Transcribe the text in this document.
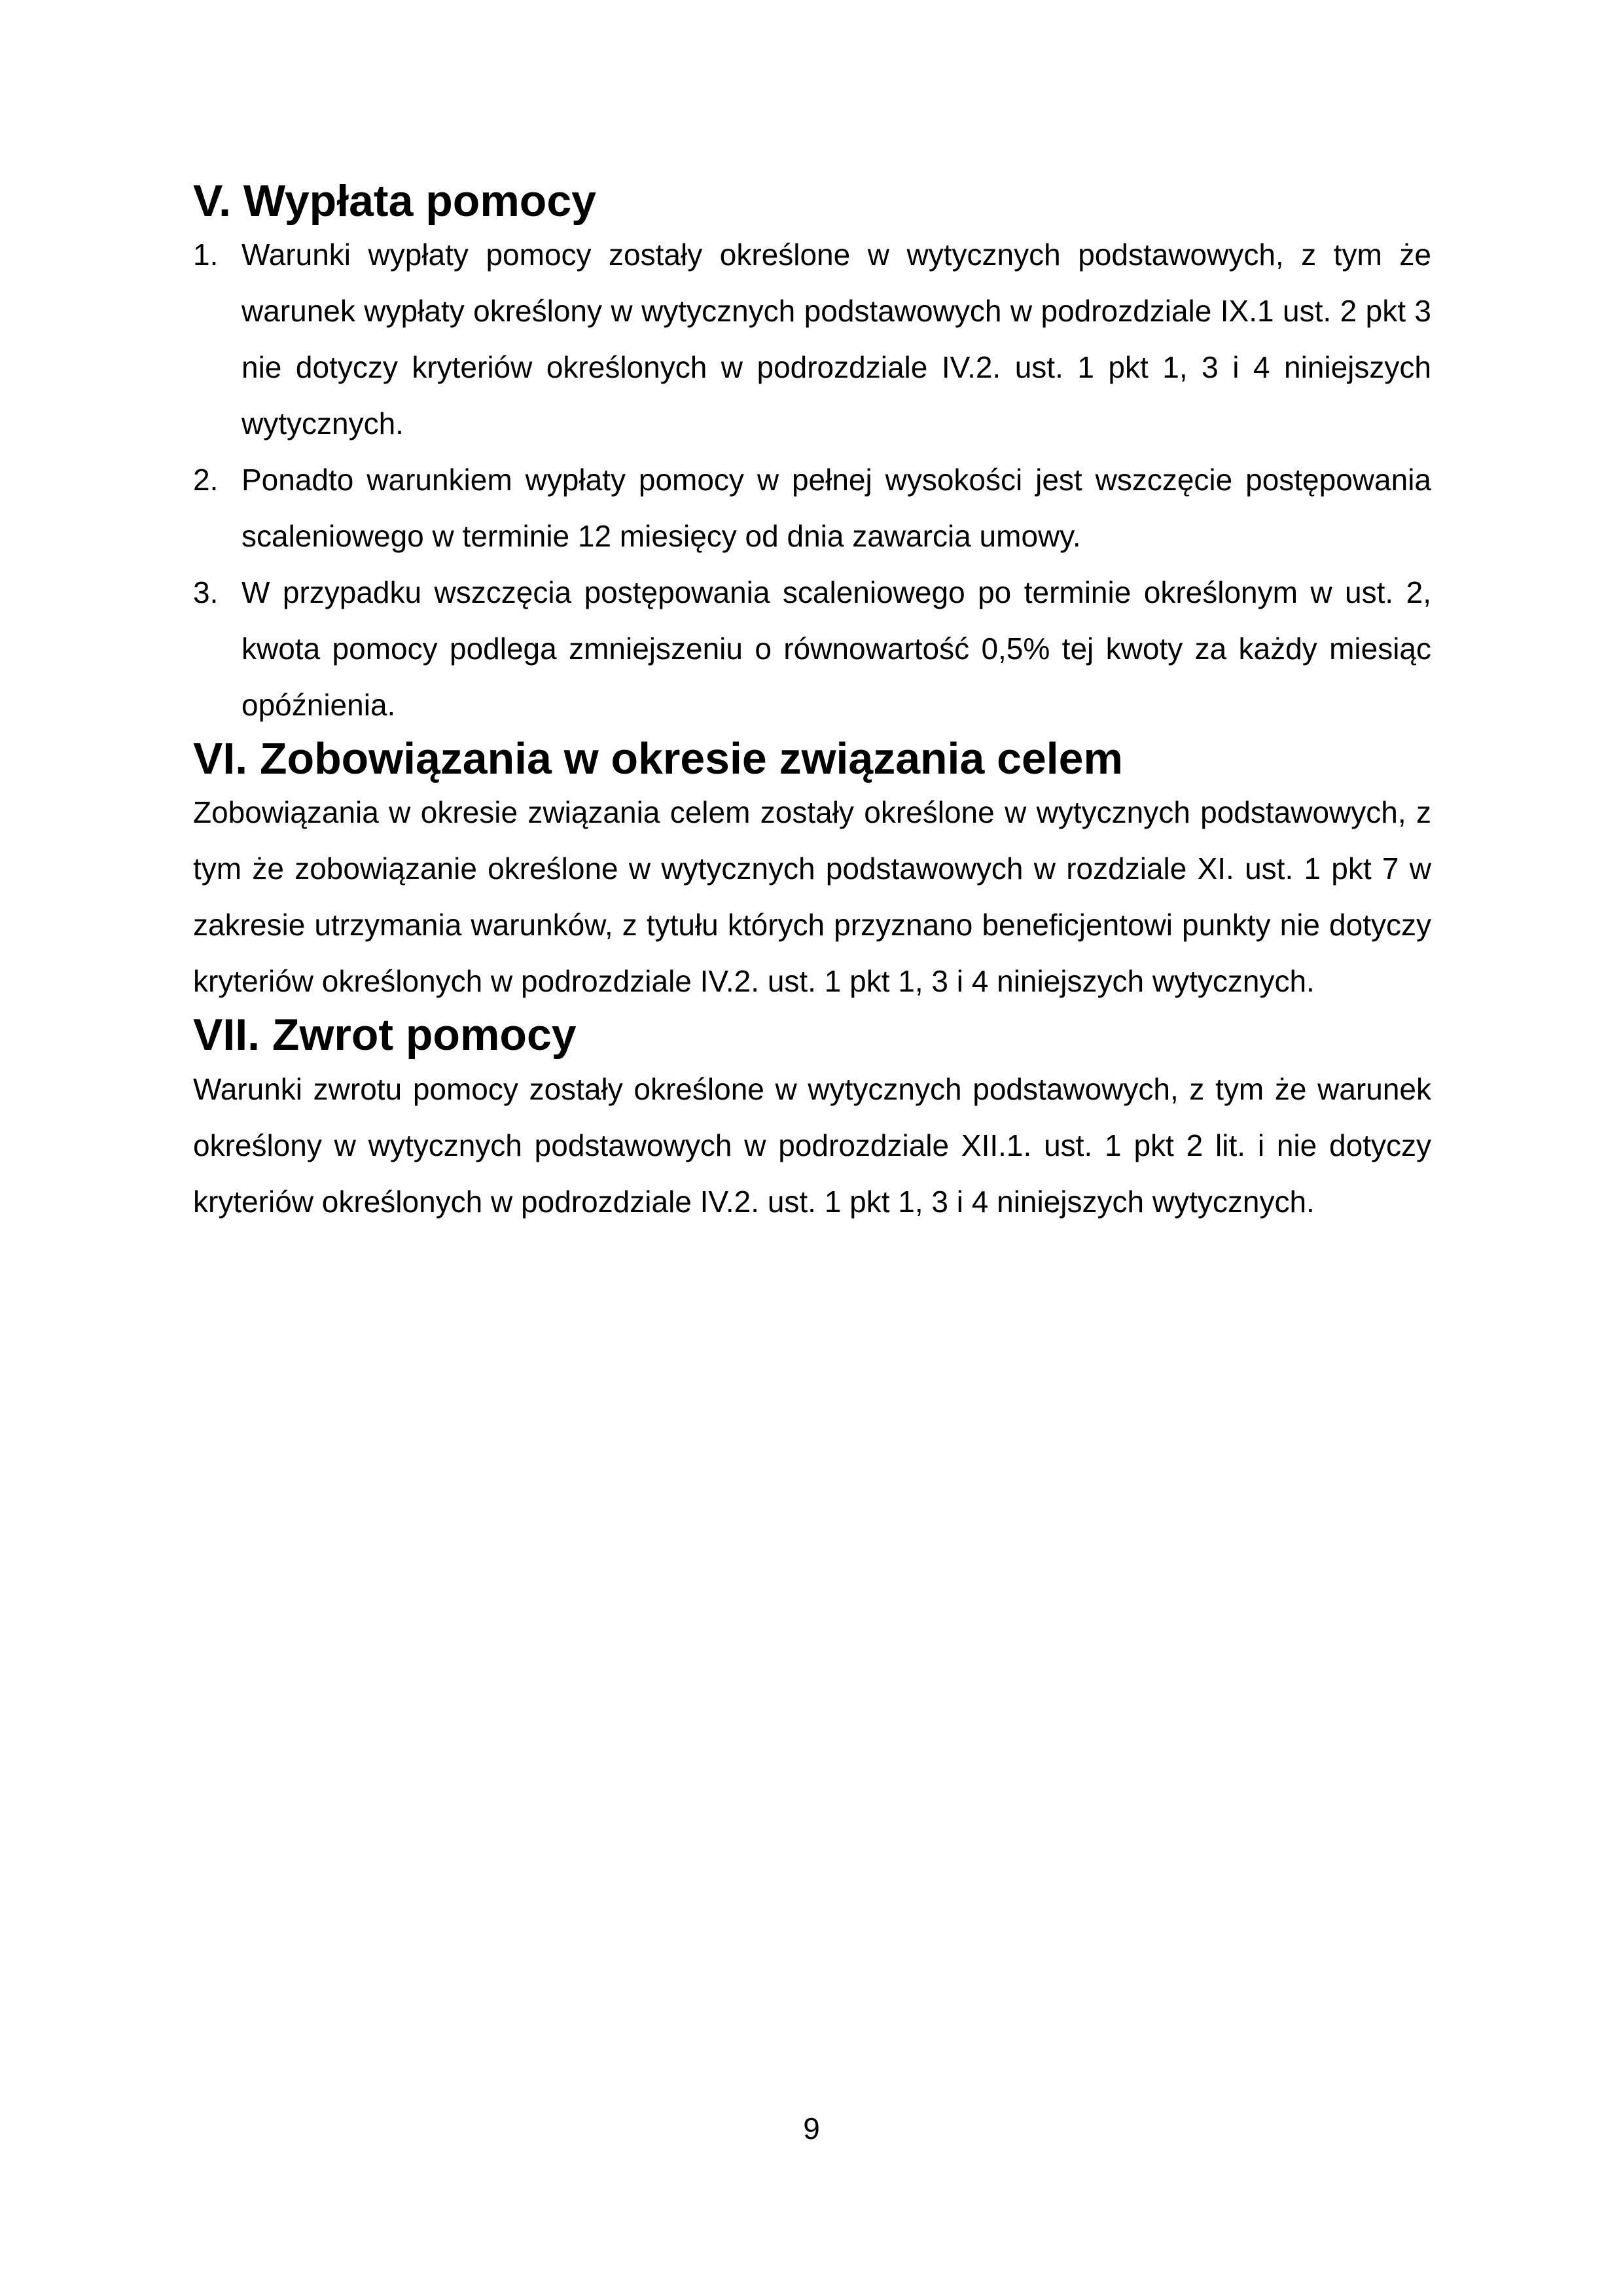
V. Wypłata pomocy
1. Warunki wypłaty pomocy zostały określone w wytycznych podstawowych, z tym że warunek wypłaty określony w wytycznych podstawowych w podrozdziale IX.1 ust. 2 pkt 3 nie dotyczy kryteriów określonych w podrozdziale IV.2. ust. 1 pkt 1, 3 i 4 niniejszych wytycznych.
2. Ponadto warunkiem wypłaty pomocy w pełnej wysokości jest wszczęcie postępowania scaleniowego w terminie 12 miesięcy od dnia zawarcia umowy.
3. W przypadku wszczęcia postępowania scaleniowego po terminie określonym w ust. 2, kwota pomocy podlega zmniejszeniu o równowartość 0,5% tej kwoty za każdy miesiąc opóźnienia.
VI. Zobowiązania w okresie związania celem

Zobowiązania w okresie związania celem zostały określone w wytycznych podstawowych, z tym że zobowiązanie określone w wytycznych podstawowych w rozdziale XI. ust. 1 pkt 7 w zakresie utrzymania warunków, z tytułu których przyznano beneficjentowi punkty nie dotyczy kryteriów określonych w podrozdziale IV.2. ust. 1 pkt 1, 3 i 4 niniejszych wytycznych.

VII. Zwrot pomocy

Warunki zwrotu pomocy zostały określone w wytycznych podstawowych, z tym że warunek określony w wytycznych podstawowych w podrozdziale XII.1. ust. 1 pkt 2 lit. i nie dotyczy kryteriów określonych w podrozdziale IV.2. ust. 1 pkt 1, 3 i 4 niniejszych wytycznych.

9
